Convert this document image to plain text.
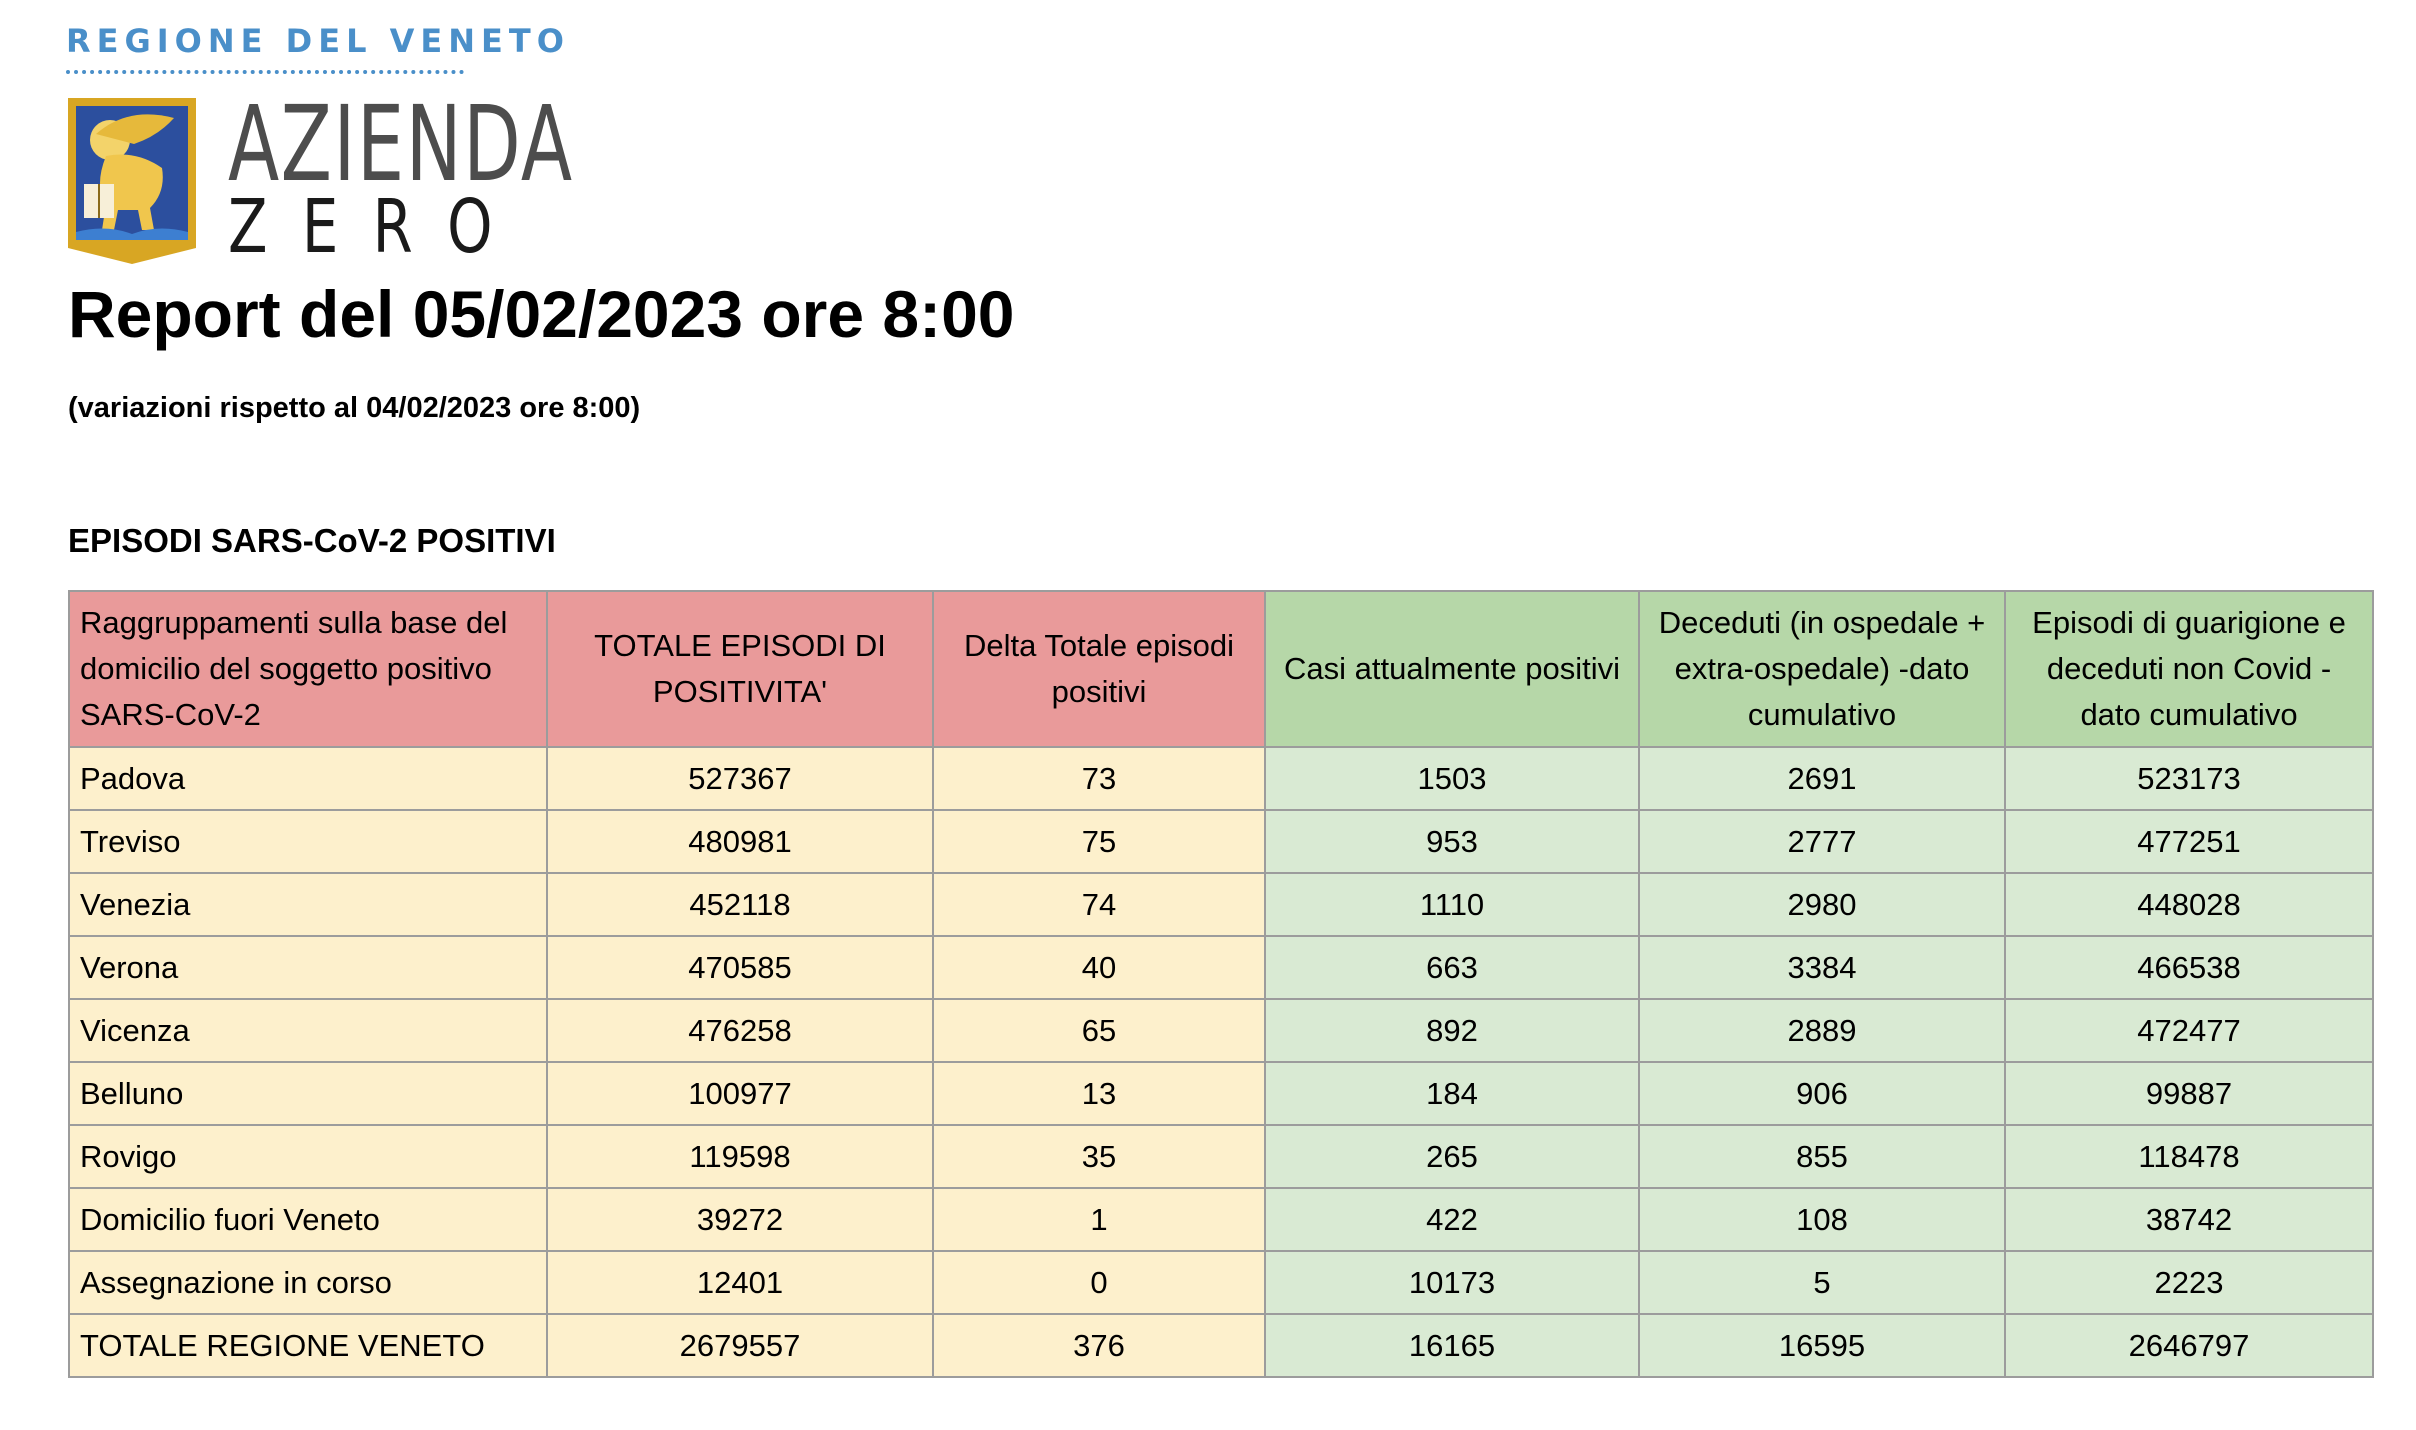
REGIONE DEL VENETO
AZIENDA
ZERO
Report del 05/02/2023 ore 8:00
(variazioni rispetto al 04/02/2023 ore 8:00)
EPISODI SARS-CoV-2 POSITIVI
Raggruppamenti sulla base del domicilio del soggetto positivo SARS-CoV-2	TOTALE EPISODI DI POSITIVITA'	Delta Totale episodi positivi	Casi attualmente positivi	Deceduti (in ospedale + extra-ospedale) -dato cumulativo	Episodi di guarigione e deceduti non Covid - dato cumulativo
Padova	527367	73	1503	2691	523173
Treviso	480981	75	953	2777	477251
Venezia	452118	74	1110	2980	448028
Verona	470585	40	663	3384	466538
Vicenza	476258	65	892	2889	472477
Belluno	100977	13	184	906	99887
Rovigo	119598	35	265	855	118478
Domicilio fuori Veneto	39272	1	422	108	38742
Assegnazione in corso	12401	0	10173	5	2223
TOTALE REGIONE VENETO	2679557	376	16165	16595	2646797
